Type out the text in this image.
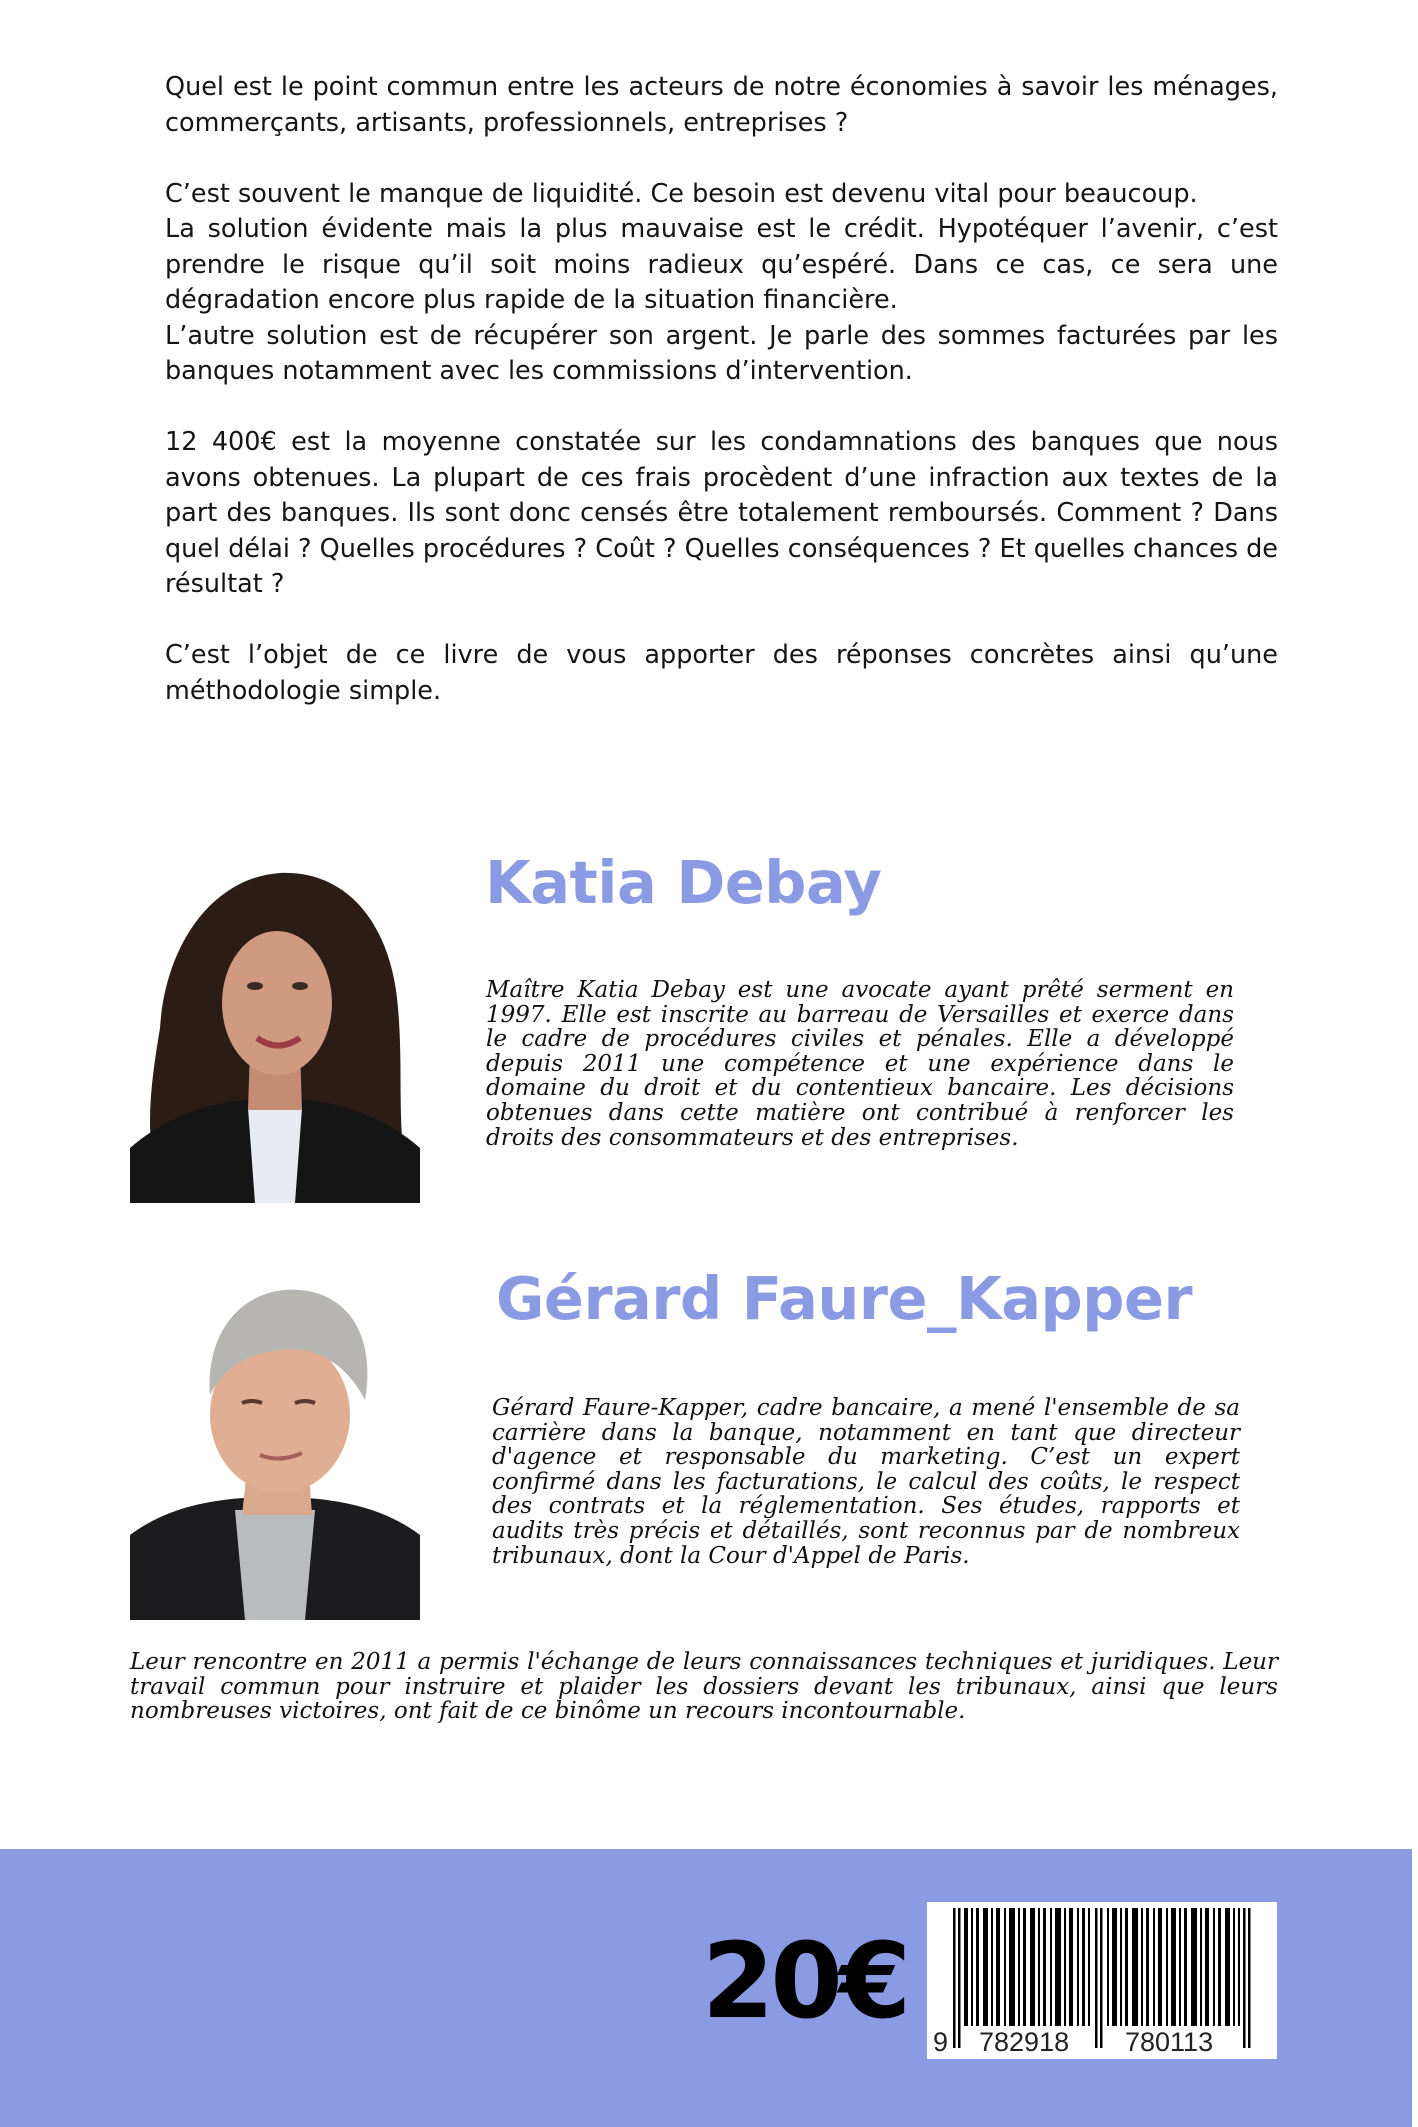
Quel est le point commun entre les acteurs de notre économies à savoir les ménages, commerçants, artisants, professionnels, entreprises ?

C’est souvent le manque de liquidité. Ce besoin est devenu vital pour beaucoup.

La solution évidente mais la plus mauvaise est le crédit. Hypotéquer l’avenir, c’est prendre le risque qu’il soit moins radieux qu’espéré. Dans ce cas, ce sera une dégradation encore plus rapide de la situation financière.

L’autre solution est de récupérer son argent. Je parle des sommes facturées par les banques notamment avec les commissions d’intervention.

12 400€ est la moyenne constatée sur les condamnations des banques que nous avons obtenues. La plupart de ces frais procèdent d’une infraction aux textes de la part des banques. Ils sont donc censés être totalement remboursés. Comment ? Dans quel délai ? Quelles procédures ? Coût ? Quelles conséquences ? Et quelles chances de résultat ?

C’est l’objet de ce livre de vous apporter des réponses concrètes ainsi qu’une méthodologie simple.

Katia Debay

Maître Katia Debay est une avocate ayant prêté serment en 1997. Elle est inscrite au barreau de Versailles et exerce dans le cadre de procédures civiles et pénales. Elle a développé depuis 2011 une compétence et une expérience dans le domaine du droit et du contentieux bancaire. Les décisions obtenues dans cette matière ont contribué à renforcer les droits des consommateurs et des entreprises.

Gérard Faure_Kapper

Gérard Faure-Kapper, cadre bancaire, a mené l'ensemble de sa carrière dans la banque, notamment en tant que directeur d'agence et responsable du marketing. C’est un expert confirmé dans les facturations, le calcul des coûts, le respect des contrats et la réglementation. Ses études, rapports et audits très précis et détaillés, sont reconnus par de nombreux tribunaux, dont la Cour d'Appel de Paris.

Leur rencontre en 2011 a permis l'échange de leurs connaissances techniques et juridiques. Leur travail commun pour instruire et plaider les dossiers devant les tribunaux, ainsi que leurs nombreuses victoires, ont fait de ce binôme un recours incontournable.

20€ 9 782918 780113
